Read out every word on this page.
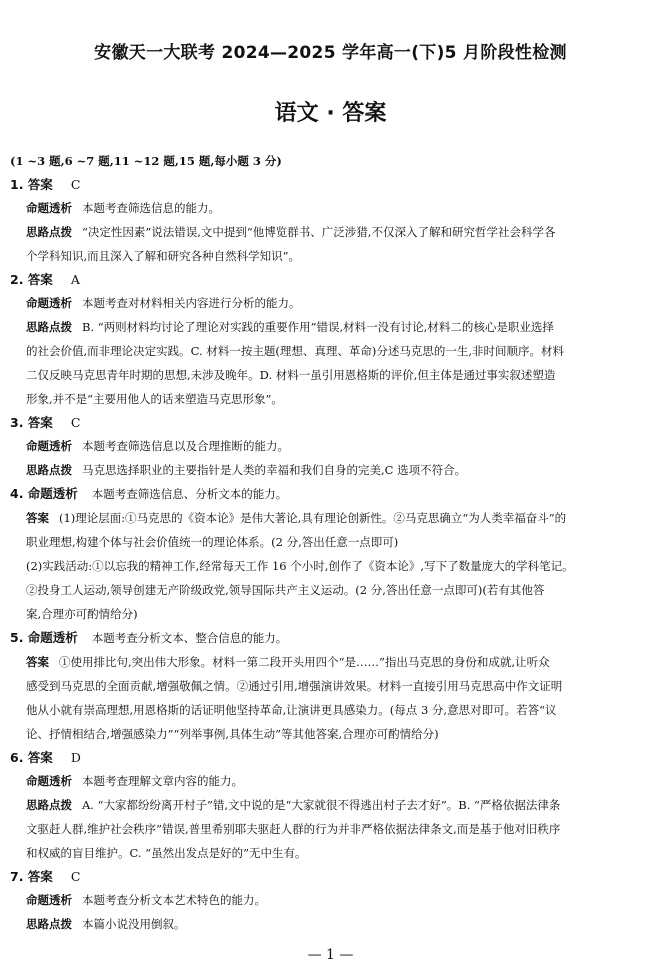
安徽天一大联考 2024—2025 学年高一(下)5 月阶段性检测
语文 · 答案
(1 ~3 题,6 ~7 题,11 ~12 题,15 题,每小题 3 分)
1. 答案 C
命题透析 本题考查筛选信息的能力。
思路点拨 “决定性因素”说法错误,文中提到“他博览群书、广泛涉猎,不仅深入了解和研究哲学社会科学各
个学科知识,而且深入了解和研究各种自然科学知识”。
2. 答案 A
命题透析 本题考查对材料相关内容进行分析的能力。
思路点拨 B. “两则材料均讨论了理论对实践的重要作用”错误,材料一没有讨论,材料二的核心是职业选择
的社会价值,而非理论决定实践。C. 材料一按主题(理想、真理、革命)分述马克思的一生,非时间顺序。材料
二仅反映马克思青年时期的思想,未涉及晚年。D. 材料一虽引用恩格斯的评价,但主体是通过事实叙述塑造
形象,并不是“主要用他人的话来塑造马克思形象”。
3. 答案 C
命题透析 本题考查筛选信息以及合理推断的能力。
思路点拨 马克思选择职业的主要指针是人类的幸福和我们自身的完美,C 选项不符合。
4. 命题透析 本题考查筛选信息、分析文本的能力。
答案 (1)理论层面:①马克思的《资本论》是伟大著论,具有理论创新性。②马克思确立“为人类幸福奋斗”的
职业理想,构建个体与社会价值统一的理论体系。(2 分,答出任意一点即可)
(2)实践活动:①以忘我的精神工作,经常每天工作 16 个小时,创作了《资本论》,写下了数量庞大的学科笔记。
②投身工人运动,领导创建无产阶级政党,领导国际共产主义运动。(2 分,答出任意一点即可)(若有其他答
案,合理亦可酌情给分)
5. 命题透析 本题考查分析文本、整合信息的能力。
答案 ①使用排比句,突出伟大形象。材料一第二段开头用四个“是……”指出马克思的身份和成就,让听众
感受到马克思的全面贡献,增强敬佩之情。②通过引用,增强演讲效果。材料一直接引用马克思高中作文证明
他从小就有崇高理想,用恩格斯的话证明他坚持革命,让演讲更具感染力。(每点 3 分,意思对即可。若答“议
论、抒情相结合,增强感染力”“列举事例,具体生动”等其他答案,合理亦可酌情给分)
6. 答案 D
命题透析 本题考查理解文章内容的能力。
思路点拨 A. “大家都纷纷离开村子”错,文中说的是“大家就很不得逃出村子去才好”。B. “严格依据法律条
文驱赶人群,维护社会秩序”错误,普里希别耶夫驱赶人群的行为并非严格依据法律条文,而是基于他对旧秩序
和权威的盲目维护。C. “虽然出发点是好的”无中生有。
7. 答案 C
命题透析 本题考查分析文本艺术特色的能力。
思路点拨 本篇小说没用倒叙。
— 1 —
